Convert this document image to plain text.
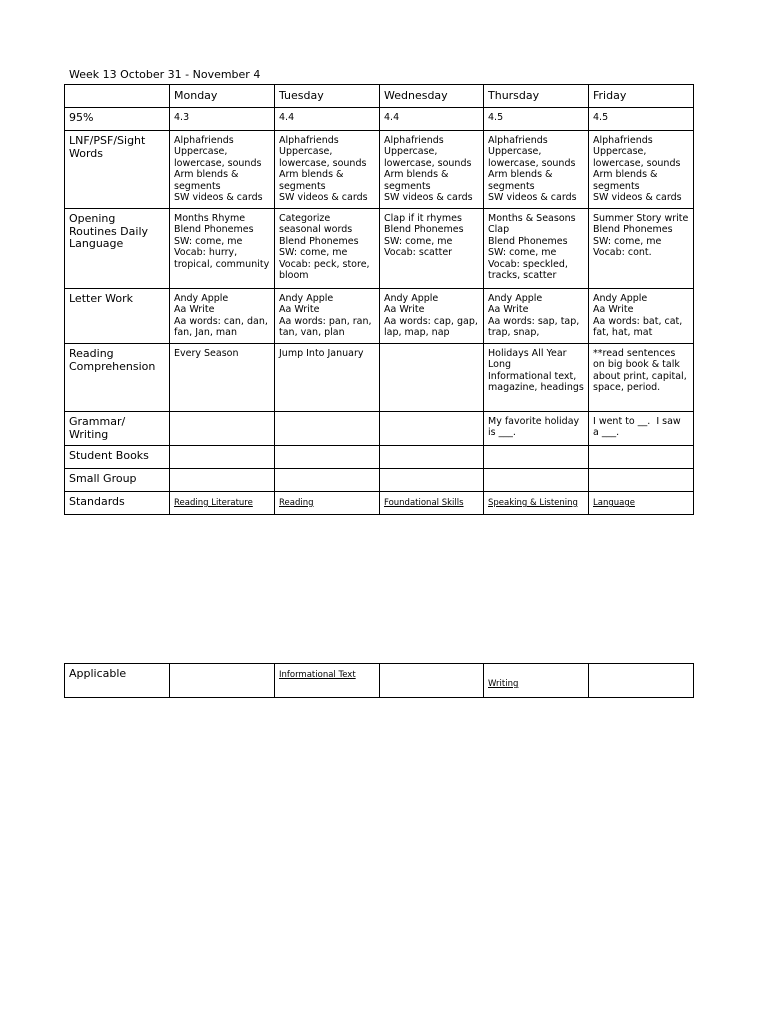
Week 13 October 31 - November 4
	Monday	Tuesday	Wednesday	Thursday	Friday
95%	4.3	4.4	4.4	4.5	4.5

LNF/PSF/Sight Words	Alphafriends
Uppercase, lowercase, sounds
Arm blends & segments
SW videos & cards	Alphafriends
Uppercase, lowercase, sounds
Arm blends & segments
SW videos & cards	Alphafriends
Uppercase, lowercase, sounds
Arm blends & segments
SW videos & cards	Alphafriends
Uppercase, lowercase, sounds
Arm blends & segments
SW videos & cards	Alphafriends
Uppercase, lowercase, sounds
Arm blends & segments
SW videos & cards

Opening Routines Daily Language	Months Rhyme
Blend Phonemes
SW: come, me
Vocab: hurry, tropical, community	Categorize seasonal words
Blend Phonemes
SW: come, me
Vocab: peck, store, bloom	Clap if it rhymes
Blend Phonemes
SW: come, me
Vocab: scatter	Months & Seasons Clap
Blend Phonemes
SW: come, me
Vocab: speckled, tracks, scatter	Summer Story write
Blend Phonemes
SW: come, me
Vocab: cont.

Letter Work	Andy Apple
Aa Write
Aa words: can, dan, fan, Jan, man	Andy Apple
Aa Write
Aa words: pan, ran, tan, van, plan	Andy Apple
Aa Write
Aa words: cap, gap, lap, map, nap	Andy Apple
Aa Write
Aa words: sap, tap, trap, snap,	Andy Apple
Aa Write
Aa words: bat, cat, fat, hat, mat

Reading Comprehension	Every Season	Jump Into January		Holidays All Year Long
Informational text, magazine, headings	**read sentences on big book & talk about print, capital, space, period.

Grammar/ Writing				My favorite holiday is ___.	I went to __.  I saw a ___.

Student Books					
Small Group					
Standards	Reading Literature	Reading	Foundational Skills	Speaking & Listening	Language
Applicable		Informational Text		Writing	
